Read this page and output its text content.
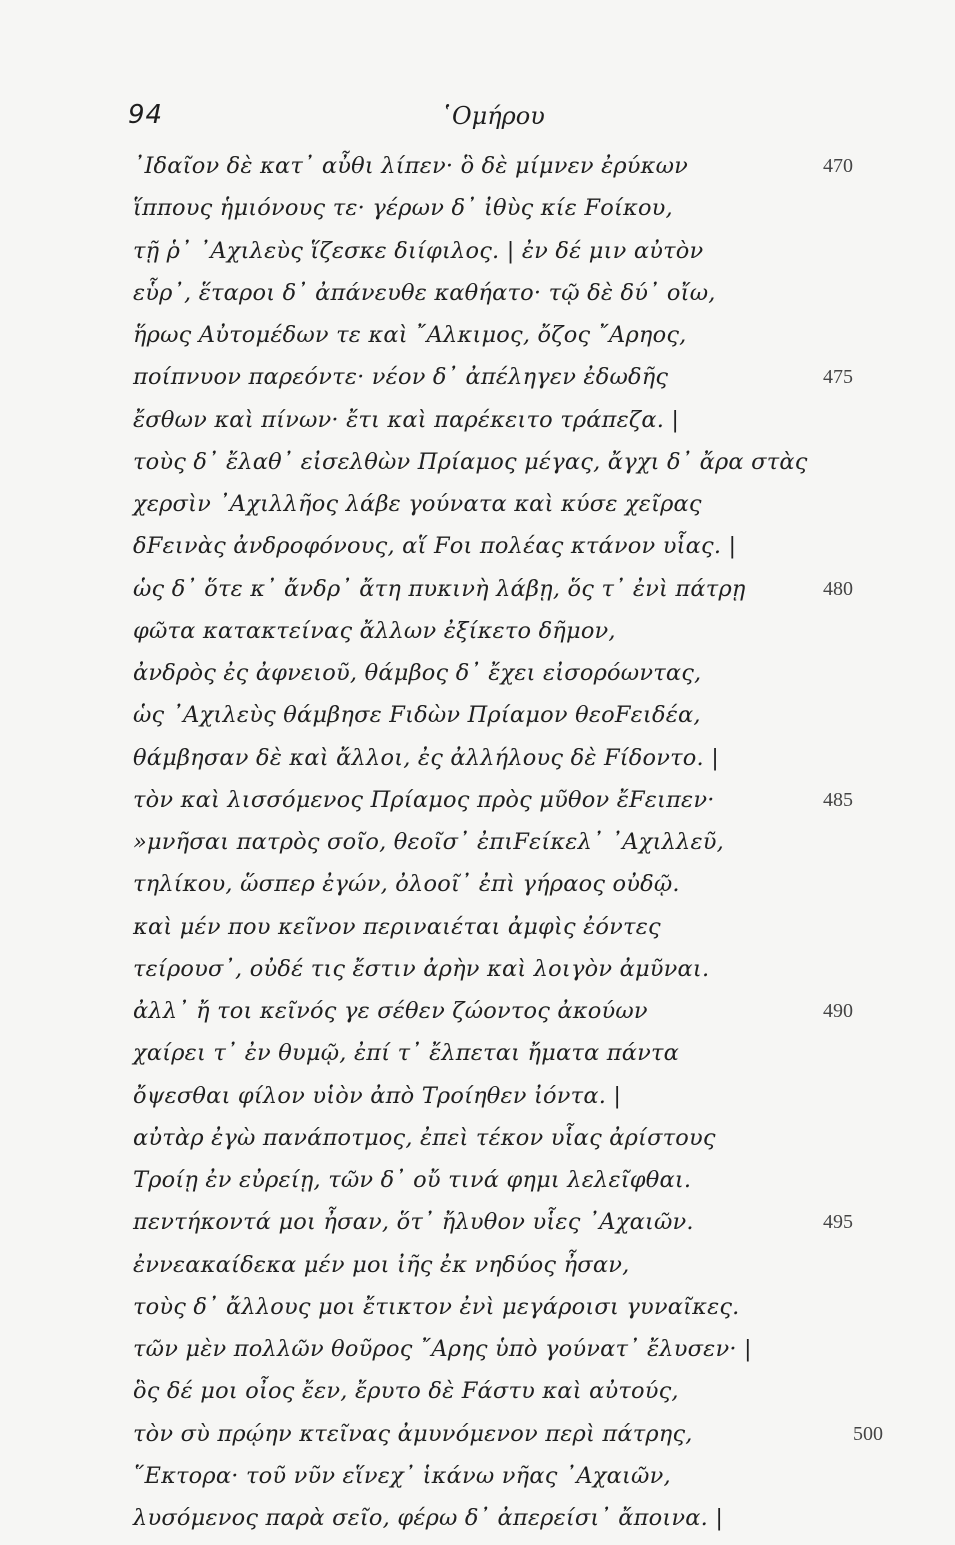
94	῾Ομήρου
᾽Ιδαῖον δὲ κατ᾽ αὖθι λίπεν· ὃ δὲ μίμνεν ἐρύκων	470
ἵππους ἡμιόνους τε· γέρων δ᾽ ἰθὺς κίε Fοίκου,
τῇ ῥ᾽ ᾽Αχιλεὺς ἵζεσκε διίφιλος. | ἐν δέ μιν αὐτὸν
εὗρ᾽, ἕταροι δ᾽ ἀπάνευθε καθήατο· τῷ δὲ δύ᾽ οἴω,
ἥρως Αὐτομέδων τε καὶ ῎Αλκιμος, ὄζος ῎Αρηος,
ποίπνυον παρεόντε· νέον δ᾽ ἀπέληγεν ἐδωδῆς	475
ἔσθων καὶ πίνων· ἔτι καὶ παρέκειτο τράπεζα. |
τοὺς δ᾽ ἔλαθ᾽ εἰσελθὼν Πρίαμος μέγας, ἄγχι δ᾽ ἄρα στὰς
χερσὶν ᾽Αχιλλῆος λάβε γούνατα καὶ κύσε χεῖρας
δFεινὰς ἀνδροφόνους, αἵ Fοι πολέας κτάνον υἷας. |
ὡς δ᾽ ὅτε κ᾽ ἄνδρ᾽ ἄτη πυκινὴ λάβῃ, ὅς τ᾽ ἐνὶ πάτρῃ	480
φῶτα κατακτείνας ἄλλων ἐξίκετο δῆμον,
ἀνδρὸς ἐς ἀφνειοῦ, θάμβος δ᾽ ἔχει εἰσορόωντας,
ὡς ᾽Αχιλεὺς θάμβησε Fιδὼν Πρίαμον θεοFειδέα,
θάμβησαν δὲ καὶ ἄλλοι, ἐς ἀλλήλους δὲ Fίδοντο. |
τὸν καὶ λισσόμενος Πρίαμος πρὸς μῦθον ἔFειπεν·	485
»μνῆσαι πατρὸς σοῖο, θεοῖσ᾽ ἐπιFείκελ᾽ ᾽Αχιλλεῦ,
τηλίκου, ὥσπερ ἐγών, ὀλοοῖ᾽ ἐπὶ γήραος οὐδῷ.
καὶ μέν που κεῖνον περιναιέται ἀμφὶς ἐόντες
τείρουσ᾽, οὐδέ τις ἔστιν ἀρὴν καὶ λοιγὸν ἀμῦναι.
ἀλλ᾽ ἤ τοι κεῖνός γε σέθεν ζώοντος ἀκούων	490
χαίρει τ᾽ ἐν θυμῷ, ἐπί τ᾽ ἔλπεται ἤματα πάντα
ὄψεσθαι φίλον υἱὸν ἀπὸ Τροίηθεν ἰόντα. |
αὐτὰρ ἐγὼ πανάποτμος, ἐπεὶ τέκον υἷας ἀρίστους
Τροίῃ ἐν εὐρείῃ, τῶν δ᾽ οὔ τινά φημι λελεῖφθαι.
πεντήκοντά μοι ἦσαν, ὅτ᾽ ἤλυθον υἷες ᾽Αχαιῶν.	495
ἐννεακαίδεκα μέν μοι ἰῆς ἐκ νηδύος ἦσαν,
τοὺς δ᾽ ἄλλους μοι ἔτικτον ἐνὶ μεγάροισι γυναῖκες.
τῶν μὲν πολλῶν θοῦρος ῎Αρης ὑπὸ γούνατ᾽ ἔλυσεν· |
ὃς δέ μοι οἶος ἔεν, ἔρυτο δὲ Fάστυ καὶ αὐτούς,
τὸν σὺ πρῴην κτεῖνας ἀμυνόμενον περὶ πάτρης,	500
῞Εκτορα· τοῦ νῦν εἵνεχ᾽ ἱκάνω νῆας ᾽Αχαιῶν,
λυσόμενος παρὰ σεῖο, φέρω δ᾽ ἀπερείσι᾽ ἄποινα. |
